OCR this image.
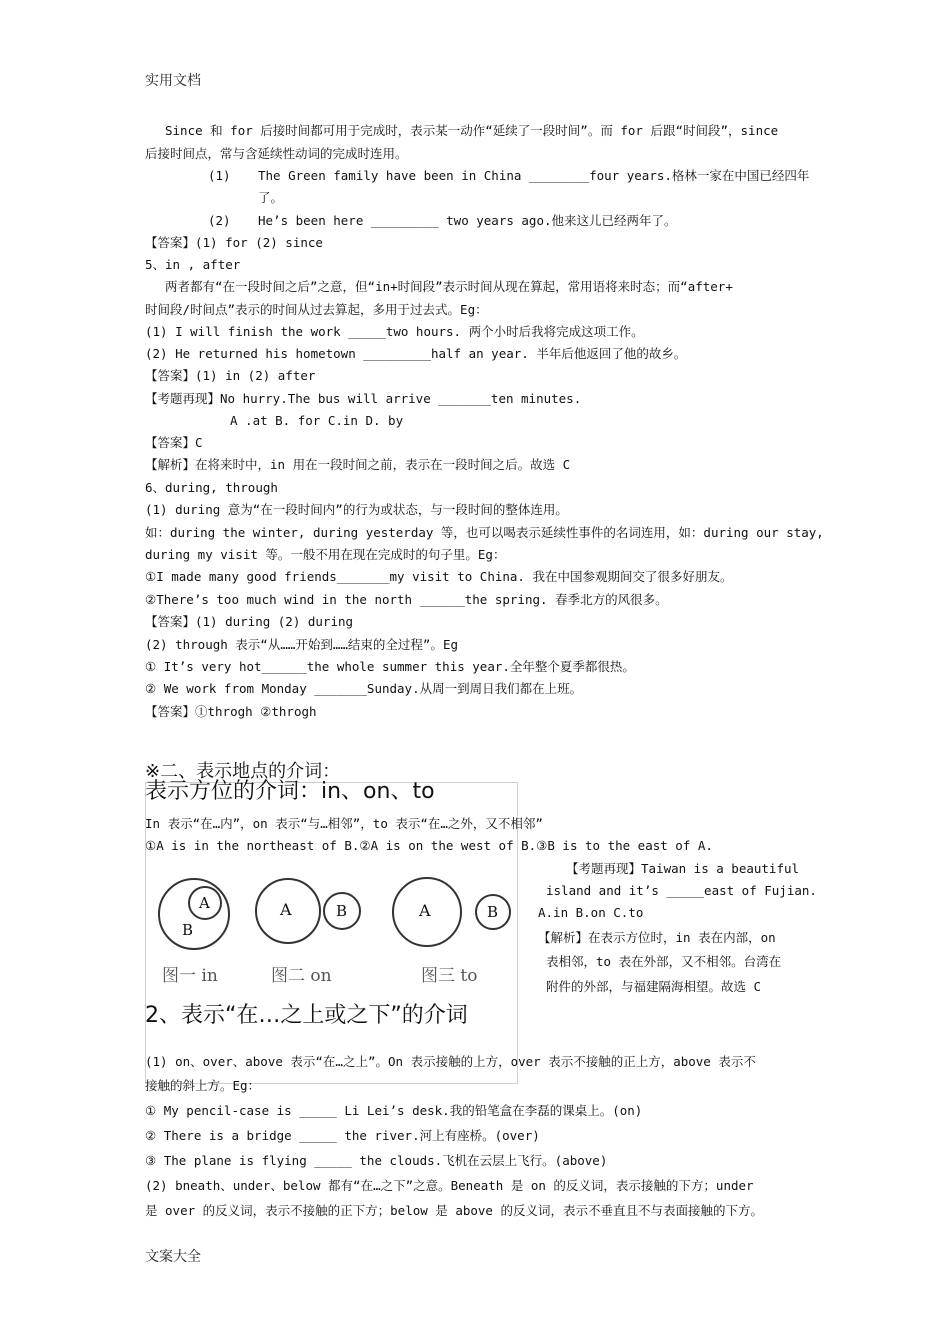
实用文档
Since 和 for 后接时间都可用于完成时，表示某一动作“延续了一段时间”。而 for 后跟“时间段”，since
后接时间点，常与含延续性动词的完成时连用。
(1) The Green family have been in China ________four years.格林一家在中国已经四年
了。
(2) He’s been here _________ two years ago.他来这儿已经两年了。
【答案】(1) for (2) since
5、in , after
两者都有“在一段时间之后”之意，但“in+时间段”表示时间从现在算起，常用语将来时态；而“after+
时间段/时间点”表示的时间从过去算起，多用于过去式。Eg：
(1) I will finish the work _____two hours. 两个小时后我将完成这项工作。
(2) He returned his hometown _________half an year. 半年后他返回了他的故乡。
【答案】(1) in (2) after
【考题再现】No hurry.The bus will arrive _______ten minutes.
A .at B. for C.in D. by
【答案】C
【解析】在将来时中，in 用在一段时间之前，表示在一段时间之后。故选 C
6、during, through
(1) during 意为“在一段时间内”的行为或状态，与一段时间的整体连用。
如：during the winter, during yesterday 等，也可以喝表示延续性事件的名词连用，如：during our stay,
during my visit 等。一般不用在现在完成时的句子里。Eg：
①I made many good friends_______my visit to China. 我在中国参观期间交了很多好朋友。
②There’s too much wind in the north ______the spring. 春季北方的风很多。
【答案】(1) during (2) during
(2) through 表示“从……开始到……结束的全过程”。Eg
① It’s very hot______the whole summer this year.全年整个夏季都很热。
② We work from Monday _______Sunday.从周一到周日我们都在上班。
【答案】①throgh ②throgh
※二、表示地点的介词：
A
B
A	B	A	B
图一 in	图二 on	图三 to
表示方位的介词：in、on、to
In 表示“在…内”，on 表示“与…相邻”，to 表示“在…之外，又不相邻”
①A is in the northeast of B.②A is on the west of B.③B is to the east of A.
【考题再现】Taiwan is a beautiful
island and it’s _____east of Fujian.
A.in B.on C.to
【解析】在表示方位时，in 表在内部，on
表相邻，to 表在外部，又不相邻。台湾在
附件的外部，与福建隔海相望。故选 C
2、表示“在…之上或之下”的介词
(1) on、over、above 表示“在…之上”。On 表示接触的上方，over 表示不接触的正上方，above 表示不
接触的斜上方。Eg：
① My pencil-case is _____ Li Lei’s desk.我的铅笔盒在李磊的课桌上。(on)
② There is a bridge _____ the river.河上有座桥。(over)
③ The plane is flying _____ the clouds.飞机在云层上飞行。(above)
(2) bneath、under、below 都有“在…之下”之意。Beneath 是 on 的反义词，表示接触的下方；under
是 over 的反义词，表示不接触的正下方；below 是 above 的反义词，表示不垂直且不与表面接触的下方。
文案大全
